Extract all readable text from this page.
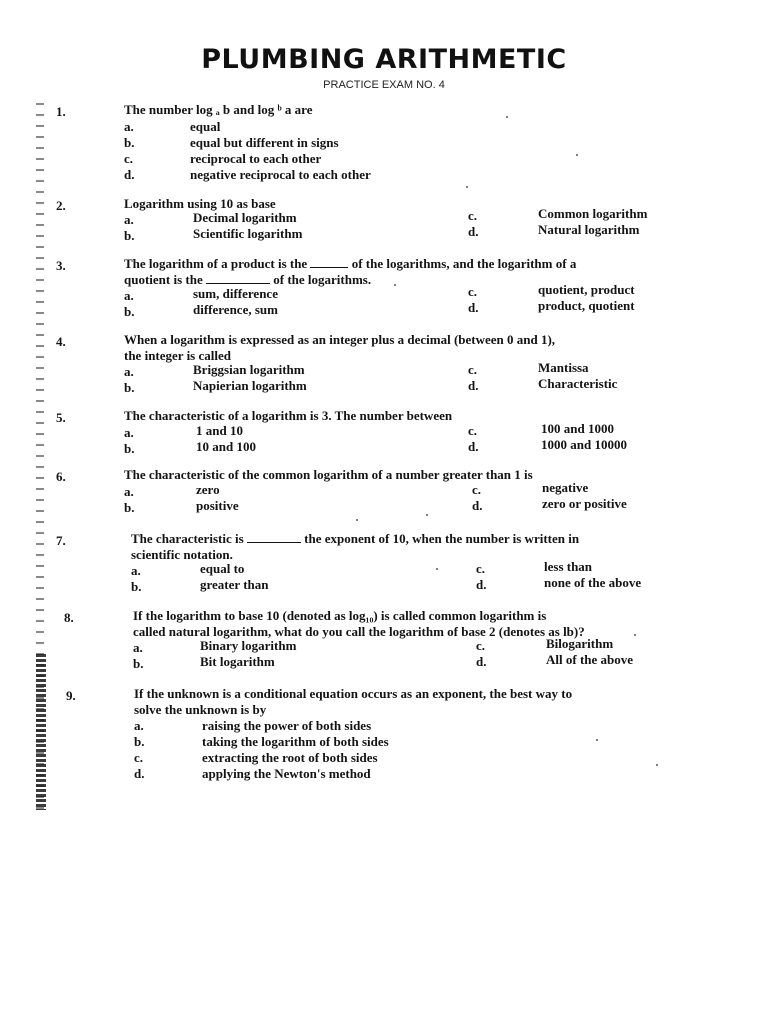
PLUMBING ARITHMETIC
PRACTICE EXAM NO. 4
1.	The number log ₐ b and log ᵇ a are
a.	equal
b.	equal but different in signs
c.	reciprocal to each other
d.	negative reciprocal to each other
2.	Logarithm using 10 as base
a.	Decimal logarithm
b.	Scientific logarithm
c.	Common logarithm
d.	Natural logarithm
3.	The logarithm of a product is the	of the logarithms, and the logarithm of a
quotient is the	of the logarithms.
a.	sum, difference
b.	difference, sum
c.	quotient, product
d.	product, quotient
4.	When a logarithm is expressed as an integer plus a decimal (between 0 and 1),
the integer is called
a.	Briggsian logarithm
b.	Napierian logarithm
c.	Mantissa
d.	Characteristic
5.	The characteristic of a logarithm is 3. The number between
a.	1 and 10
b.	10 and 100
c.	100 and 1000
d.	1000 and 10000
6.	The characteristic of the common logarithm of a number greater than 1 is
a.	zero
b.	positive
c.	negative
d.	zero or positive
7.	The characteristic is	the exponent of 10, when the number is written in
scientific notation.
a.	equal to
b.	greater than
c.	less than
d.	none of the above
8.	If the logarithm to base 10 (denoted as log₁₀) is called common logarithm is
called natural logarithm, what do you call the logarithm of base 2 (denotes as lb)?
a.	Binary logarithm
b.	Bit logarithm
c.	Bilogarithm
d.	All of the above
9.	If the unknown is a conditional equation occurs as an exponent, the best way to
solve the unknown is by
a.	raising the power of both sides
b.	taking the logarithm of both sides
c.	extracting the root of both sides
d.	applying the Newton's method
